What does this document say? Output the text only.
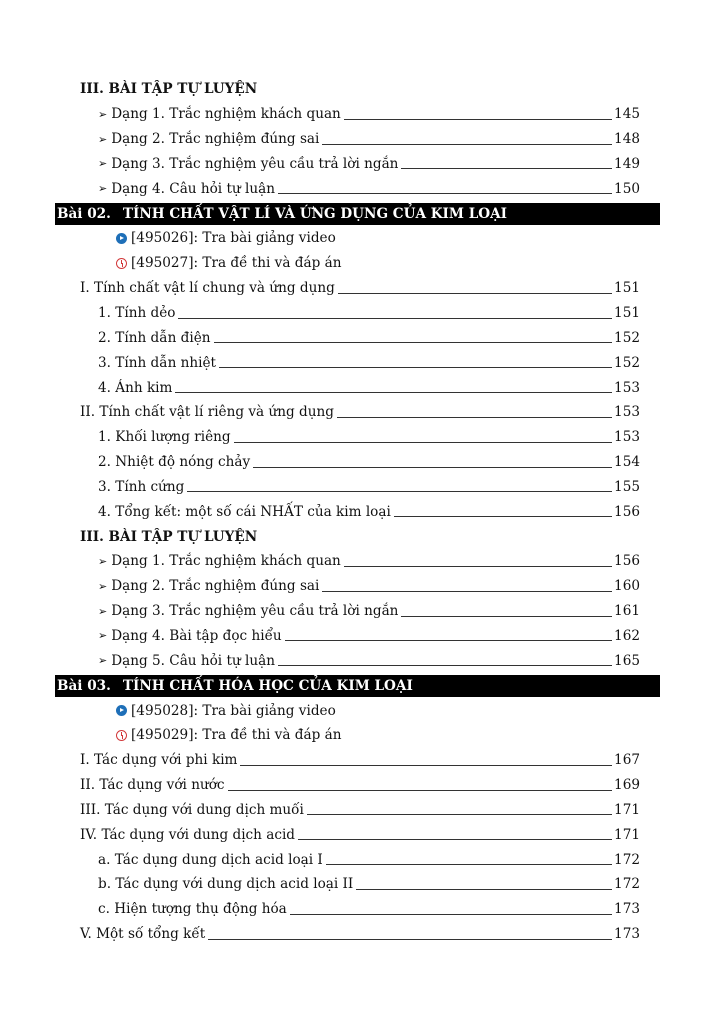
III. BÀI TẬP TỰ LUYỆN
➢ Dạng 1. Trắc nghiệm khách quan	145
➢ Dạng 2. Trắc nghiệm đúng sai	148
➢ Dạng 3. Trắc nghiệm yêu cầu trả lời ngắn	149
➢ Dạng 4. Câu hỏi tự luận	150
Bài 02. TÍNH CHẤT VẬT LÍ VÀ ỨNG DỤNG CỦA KIM LOẠI
[495026]: Tra bài giảng video
[495027]: Tra đề thi và đáp án
I. Tính chất vật lí chung và ứng dụng	151
1. Tính dẻo	151
2. Tính dẫn điện	152
3. Tính dẫn nhiệt	152
4. Ánh kim	153
II. Tính chất vật lí riêng và ứng dụng	153
1. Khối lượng riêng	153
2. Nhiệt độ nóng chảy	154
3. Tính cứng	155
4. Tổng kết: một số cái NHẤT của kim loại	156
III. BÀI TẬP TỰ LUYỆN
➢ Dạng 1. Trắc nghiệm khách quan	156
➢ Dạng 2. Trắc nghiệm đúng sai	160
➢ Dạng 3. Trắc nghiệm yêu cầu trả lời ngắn	161
➢ Dạng 4. Bài tập đọc hiểu	162
➢ Dạng 5. Câu hỏi tự luận	165
Bài 03. TÍNH CHẤT HÓA HỌC CỦA KIM LOẠI
[495028]: Tra bài giảng video
[495029]: Tra đề thi và đáp án
I. Tác dụng với phi kim	167
II. Tác dụng với nước	169
III. Tác dụng với dung dịch muối	171
IV. Tác dụng với dung dịch acid	171
a. Tác dụng dung dịch acid loại I	172
b. Tác dụng với dung dịch acid loại II	172
c. Hiện tượng thụ động hóa	173
V. Một số tổng kết	173
